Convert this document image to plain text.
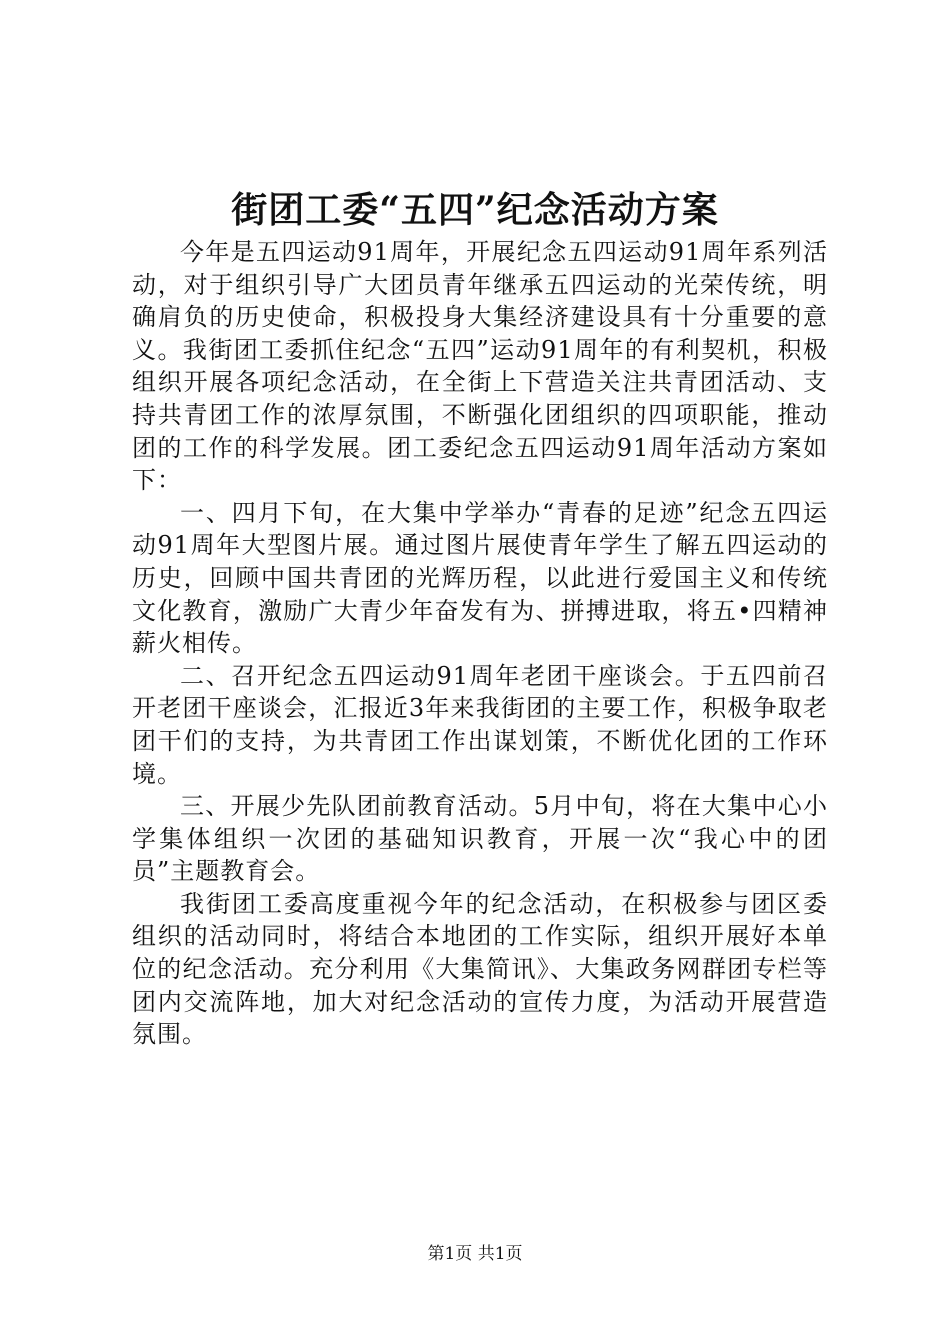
街团工委“五四”纪念活动方案

今年是五四运动91周年，开展纪念五四运动91周年系列活动，对于组织引导广大团员青年继承五四运动的光荣传统，明确肩负的历史使命，积极投身大集经济建设具有十分重要的意义。我街团工委抓住纪念“五四”运动91周年的有利契机，积极组织开展各项纪念活动，在全街上下营造关注共青团活动、支持共青团工作的浓厚氛围，不断强化团组织的四项职能，推动团的工作的科学发展。团工委纪念五四运动91周年活动方案如下：

一、四月下旬，在大集中学举办“青春的足迹”纪念五四运动91周年大型图片展。通过图片展使青年学生了解五四运动的历史，回顾中国共青团的光辉历程，以此进行爱国主义和传统文化教育，激励广大青少年奋发有为、拼搏进取，将五•四精神薪火相传。

二、召开纪念五四运动91周年老团干座谈会。于五四前召开老团干座谈会，汇报近3年来我街团的主要工作，积极争取老团干们的支持，为共青团工作出谋划策，不断优化团的工作环境。

三、开展少先队团前教育活动。5月中旬，将在大集中心小学集体组织一次团的基础知识教育，开展一次“我心中的团员”主题教育会。

我街团工委高度重视今年的纪念活动，在积极参与团区委组织的活动同时，将结合本地团的工作实际，组织开展好本单位的纪念活动。充分利用《大集简讯》、大集政务网群团专栏等团内交流阵地，加大对纪念活动的宣传力度，为活动开展营造氛围。

第1页 共1页
